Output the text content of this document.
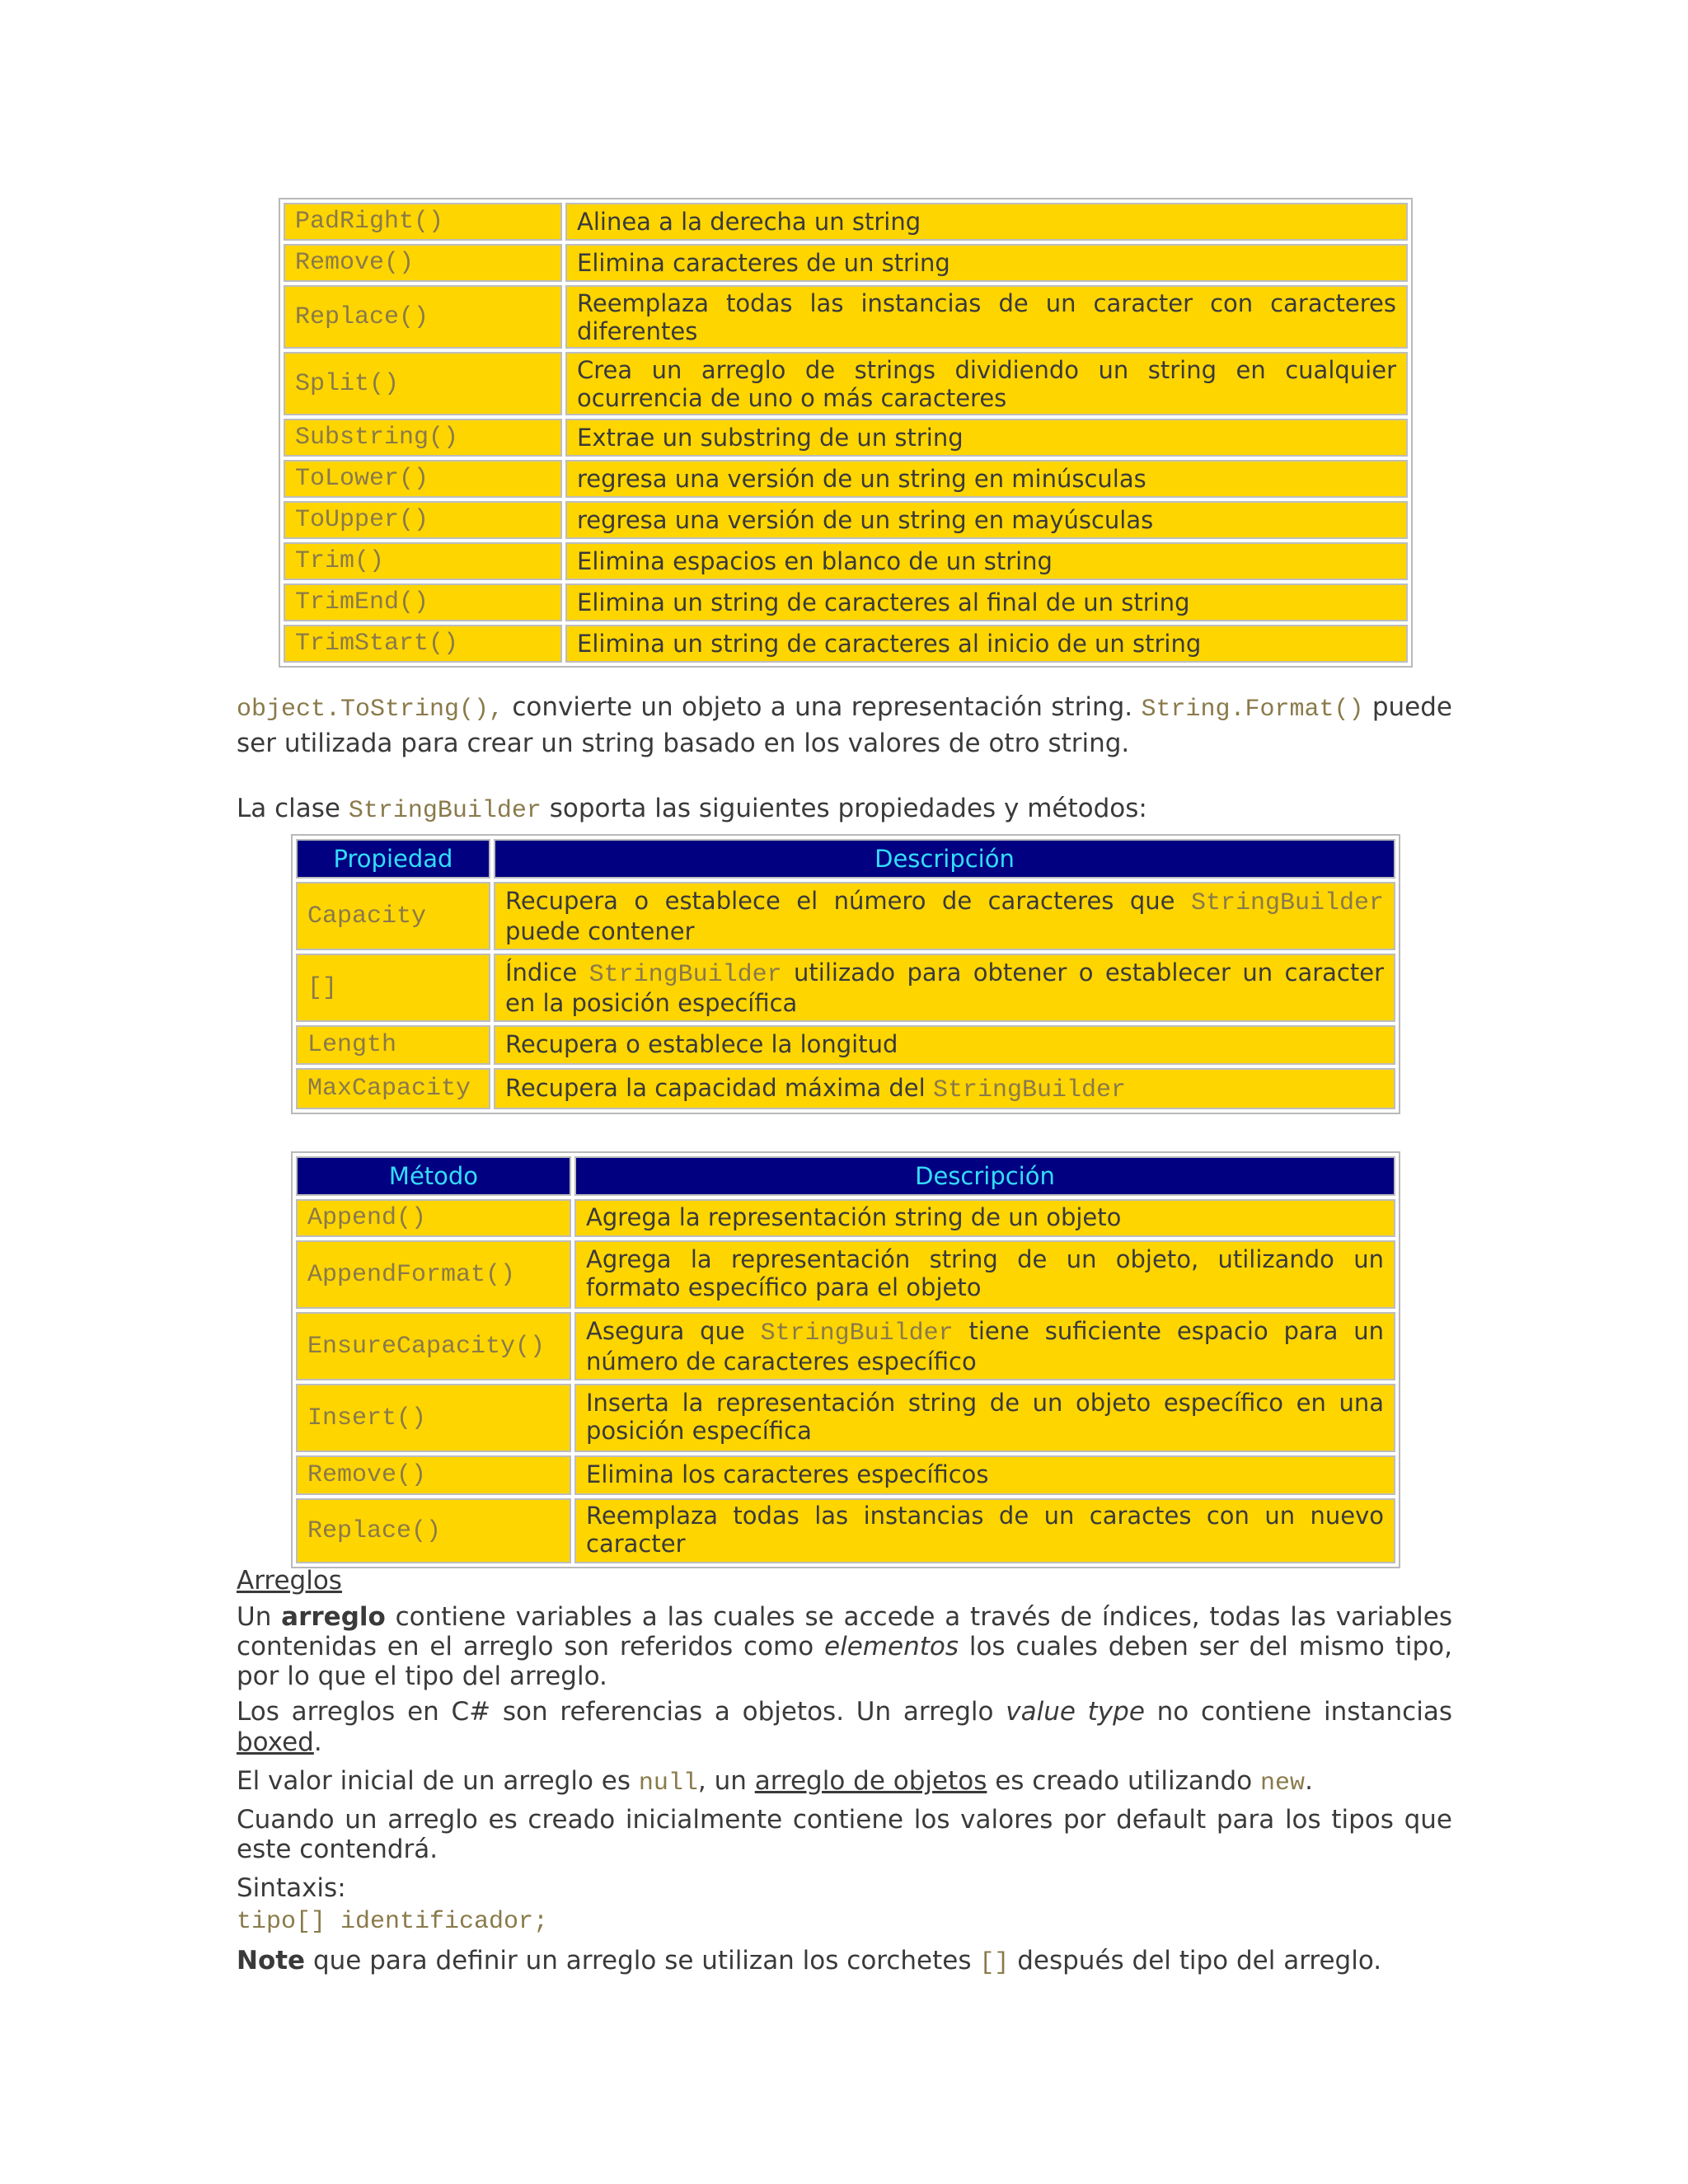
PadRight()	Alinea a la derecha un string
Remove()	Elimina caracteres de un string
Replace()	Reemplaza todas las instancias de un caracter con caracteres diferentes
Split()	Crea un arreglo de strings dividiendo un string en cualquier ocurrencia de uno o más caracteres
Substring()	Extrae un substring de un string
ToLower()	regresa una versión de un string en minúsculas
ToUpper()	regresa una versión de un string en mayúsculas
Trim()	Elimina espacios en blanco de un string
TrimEnd()	Elimina un string de caracteres al final de un string
TrimStart()	Elimina un string de caracteres al inicio de un string

object.ToString(), convierte un objeto a una representación string. String.Format() puede ser utilizada para crear un string basado en los valores de otro string.

La clase StringBuilder soporta las siguientes propiedades y métodos:

Propiedad	Descripción
Capacity	Recupera o establece el número de caracteres que StringBuilder puede contener
[]	Índice StringBuilder utilizado para obtener o establecer un caracter en la posición específica
Length	Recupera o establece la longitud
MaxCapacity	Recupera la capacidad máxima del StringBuilder
Método	Descripción
Append()	Agrega la representación string de un objeto
AppendFormat()	Agrega la representación string de un objeto, utilizando un formato específico para el objeto
EnsureCapacity()	Asegura que StringBuilder tiene suficiente espacio para un número de caracteres específico
Insert()	Inserta la representación string de un objeto específico en una posición específica
Remove()	Elimina los caracteres específicos
Replace()	Reemplaza todas las instancias de un caractes con un nuevo caracter

Arreglos

Un arreglo contiene variables a las cuales se accede a través de índices, todas las variables contenidas en el arreglo son referidos como elementos los cuales deben ser del mismo tipo, por lo que el tipo del arreglo.

Los arreglos en C# son referencias a objetos. Un arreglo value type no contiene instancias boxed.

El valor inicial de un arreglo es null, un arreglo de objetos es creado utilizando new.

Cuando un arreglo es creado inicialmente contiene los valores por default para los tipos que este contendrá.

Sintaxis:

tipo[] identificador;

Note que para definir un arreglo se utilizan los corchetes [] después del tipo del arreglo.
